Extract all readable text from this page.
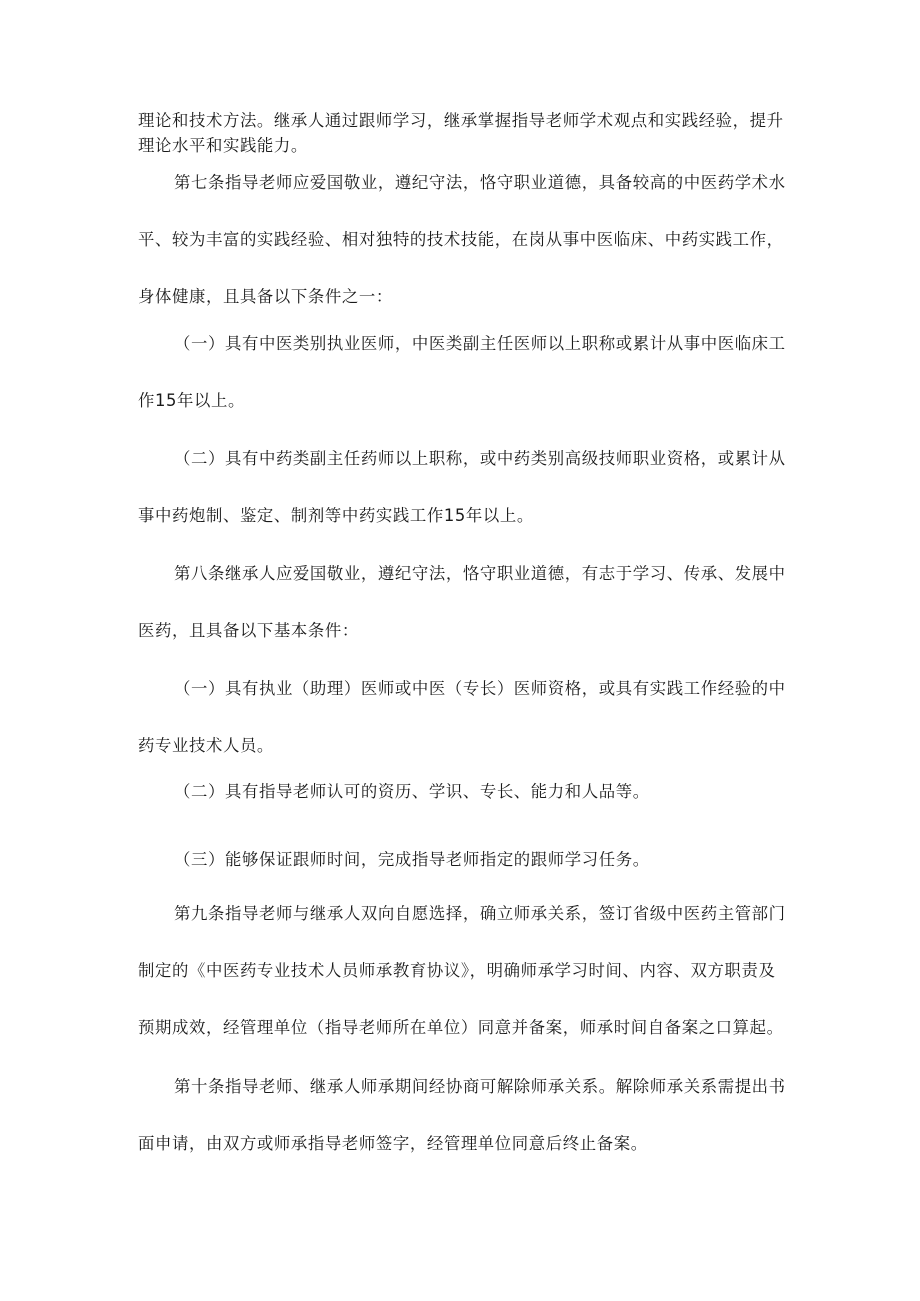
理论和技术方法。继承人通过跟师学习，继承掌握指导老师学术观点和实践经验，提升
理论水平和实践能力。

第七条指导老师应爱国敬业，遵纪守法，恪守职业道德，具备较高的中医药学术水
平、较为丰富的实践经验、相对独特的技术技能，在岗从事中医临床、中药实践工作，
身体健康，且具备以下条件之一：

（一）具有中医类别执业医师，中医类副主任医师以上职称或累计从事中医临床工
作15年以上。

（二）具有中药类副主任药师以上职称，或中药类别高级技师职业资格，或累计从
事中药炮制、鉴定、制剂等中药实践工作15年以上。

第八条继承人应爱国敬业，遵纪守法，恪守职业道德，有志于学习、传承、发展中
医药，且具备以下基本条件：

（一）具有执业（助理）医师或中医（专长）医师资格，或具有实践工作经验的中
药专业技术人员。

（二）具有指导老师认可的资历、学识、专长、能力和人品等。

（三）能够保证跟师时间，完成指导老师指定的跟师学习任务。

第九条指导老师与继承人双向自愿选择，确立师承关系，签订省级中医药主管部门
制定的《中医药专业技术人员师承教育协议》，明确师承学习时间、内容、双方职责及
预期成效，经管理单位（指导老师所在单位）同意并备案，师承时间自备案之口算起。

第十条指导老师、继承人师承期间经协商可解除师承关系。解除师承关系需提出书
面申请，由双方或师承指导老师签字，经管理单位同意后终止备案。
